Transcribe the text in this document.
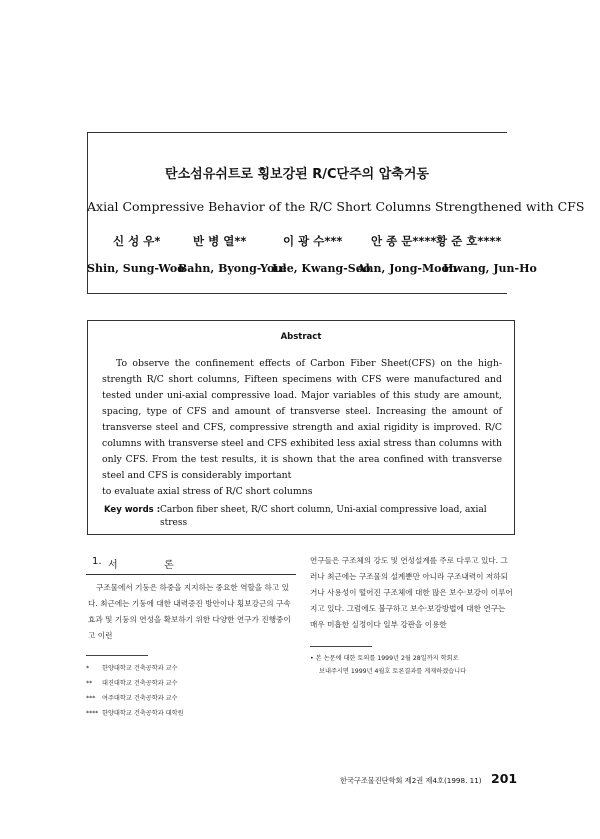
탄소섬유쉬트로 횡보강된 R/C단주의 압축거동
Axial Compressive Behavior of the R/C Short Columns Strengthened with CFS
신 성 우*	반 병 열**	이 광 수*** 안 종 문**** 황 준 호****
Shin, Sung-Woo
Bahn, Byong-Youl
Lee, Kwang-Soo
Ahn, Jong-Moon
Hwang, Jun-Ho
Abstract

To observe the confinement effects of Carbon Fiber Sheet(CFS) on the high-strength R/C short columns, Fifteen specimens with CFS were manufactured and tested under uni-axial compressive load. Major variables of this study are amount, spacing, type of CFS and amount of transverse steel. Increasing the amount of transverse steel and CFS, compressive strength and axial rigidity is improved. R/C columns with transverse steel and CFS exhibited less axial stress than columns with only CFS. From the test results, it is shown that the area confined with transverse steel and CFS is considerably important

to evaluate axial stress of R/C short columns

Key words : Carbon fiber sheet, R/C short column, Uni-axial compressive load, axial stress
1. 서	론

구조물에서 기둥은 하중을 지지하는 중요한 역할을 하고 있다. 최근에는 기둥에 대한 내력증진 방안이나 횡보강근의 구속효과 및 기둥의 연성을 확보하기 위한 다양한 연구가 진행중이고 이런

연구들은 구조체의 강도 및 연성설계를 주로 다루고 있다. 그러나 최근에는 구조물의 설계뿐만 아니라 구조내력이 저하되거나 사용성이 떨어진 구조체에 대한 많은 보수·보강이 이루어지고 있다. 그럼에도 불구하고 보수·보강방법에 대한 연구는 매우 미흡한 실정이다 일부 강판을 이용한

* 한양대학교 건축공학과 교수
** 대진대학교 건축공학과 교수
*** 여주대학교 건축공학과 교수
**** 한양대학교 건축공학과 대학원
• 본 논문에 대한 토의를 1999년 2월 28일까지 학회로
보내주시면 1999년 4월호 토론결과를 게재하겠습니다
한국구조물진단학회 제2권 제4호(1998. 11) 201
